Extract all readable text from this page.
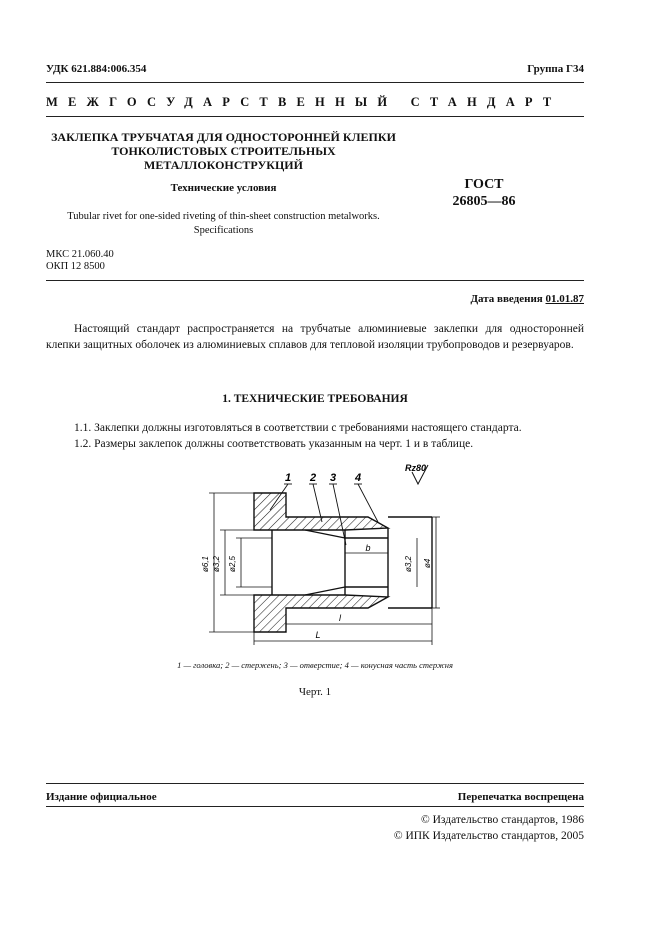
УДК 621.884:006.354	Группа Г34
МЕЖГОСУДАРСТВЕННЫЙ СТАНДАРТ
ЗАКЛЕПКА ТРУБЧАТАЯ ДЛЯ ОДНОСТОРОННЕЙ КЛЕПКИ
ТОНКОЛИСТОВЫХ СТРОИТЕЛЬНЫХ
МЕТАЛЛОКОНСТРУКЦИЙ
Технические условия	ГОСТ
26805—86
Tubular rivet for one-sided riveting of thin-sheet construction metalworks.
Specifications
МКС 21.060.40
ОКП 12 8500
Дата введения 01.01.87
Настоящий стандарт распространяется на трубчатые алюминиевые заклепки для односторонней клепки защитных оболочек из алюминиевых сплавов для тепловой изоляции трубопроводов и резервуаров.
1. ТЕХНИЧЕСКИЕ ТРЕБОВАНИЯ
1.1. Заклепки должны изготовляться в соответствии с требованиями настоящего стандарта.
1.2. Размеры заклепок должны соответствовать указанным на черт. 1 и в таблице.
1 2 3 4
Rz80
ø6,1 ø3,2 ø2,5	ø3,2 ø4
b
l
L
1 — головка; 2 — стержень; 3 — отверстие; 4 — конусная часть стержня
Черт. 1
Издание официальное	Перепечатка воспрещена
© Издательство стандартов, 1986
© ИПК Издательство стандартов, 2005
